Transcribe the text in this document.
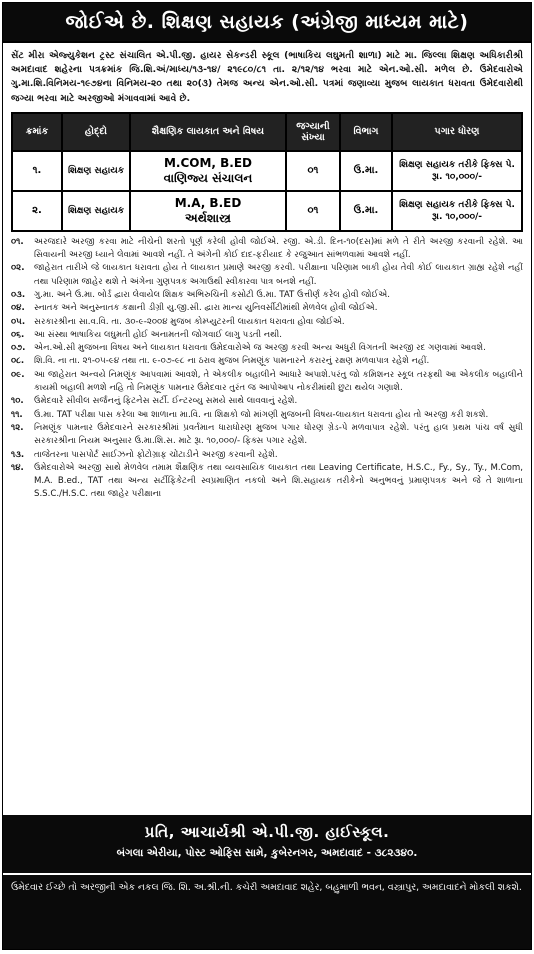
જોઈએ છે. શિક્ષણ સહાયક (અંગ્રેજી માધ્યમ માટે)
સેંટ મીરા એજ્યુકેશન ટ્રસ્ટ સંચાલિત એ.પી.જી. હાયર સેકન્ડરી સ્કૂલ (ભાષાકિય લઘુમતી શાળા) માટે મા. જિલ્લા શિક્ષણ અધિકારીશ્રી અમદાવાદ શહેરના પત્રક્રમાંક જિ.શિ.અં/માધ્ય/૧૩-૧૪/ ૨૧૯૮૦/૮૧ તા. ૨/૧૨/૧૪ ભરવા માટે એન.ઓ.સી. મળેલ છે. ઉમેદવારોએ ગુ.મા.શિ.વિનિમય-૧૯૭૪ના વિનિમય-૨૦ તથા ૨૦(૩) તેમજ અન્ય એન.ઓ.સી. પત્રમાં જણાવ્યા મુજબ લાયકાત ધરાવતા ઉમેદવારોથી જગ્યા ભરવા માટે અરજીઓ મંગાવવામાં આવે છે.
ક્રમાંક	હોદ્દો	શૈક્ષણિક લાયકાત અને વિષય	જગ્યાની સંખ્યા	વિભાગ	પગાર ધોરણ
૧.	શિક્ષણ સહાયક	M.COM, B.ED
વાણિજ્ય સંચાલન	૦૧	ઉ.મા.	શિક્ષણ સહાયક તરીકે ફિક્સ પે. રૂા. ૧૦,૦૦૦/-
૨.	શિક્ષણ સહાયક	M.A, B.ED
અર્થશાસ્ત્ર	૦૧	ઉ.મા.	શિક્ષણ સહાયક તરીકે ફિક્સ પે. રૂા. ૧૦,૦૦૦/-
૦૧.	અરજદારે અરજી કરવા માટે નીચેની શરતો પૂર્ણ કરેલી હોવી જોઈએ. રજી. એ.ડી. દિન-૧૦(દસ)માં મળે તે રીતે અરજી કરવાની રહેશે. આ સિવાયની અરજી ધ્યાને લેવામાં આવશે નહીં. તે અંગેની કોઈ દાદ-ફરીયાદ કે રજુઆત સાંભળવામાં આવશે નહીં.
૦૨.	જાહેરાત તારીખે જે લાયકાત ધરાવતા હોય તે લાયકાત પ્રમાણે અરજી કરવી. પરીક્ષાના પરિણામ બાકી હોય તેવી કોઈ લાયકાત ગ્રાહ્ય રહેશે નહીં તથા પરિણામ જાહેર થશે તે અંગેના ગુણપત્રક અગાઉથી સ્વીકારવા પાત્ર બનશે નહીં.
૦૩.	ગુ.મા. અને ઉ.મા. બોર્ડ દ્વારા લેવાયેલ શિક્ષક અભિરુચિની કસોટી ઉ.મા. TAT ઉત્તીર્ણ કરેલ હોવી જોઈએ.
૦૪.	સ્નાતક અને અનુસ્નાતક કક્ષાની ડીગ્રી યુ.જી.સી. દ્વારા માન્ય યુનિવર્સીટીમાંથી મેળવેલ હોવી જોઈએ.
૦૫.	સરકારશ્રીના સા.વ.વિ. તા. ૩૦-૯-૨૦૦૪ મુજબ કોમ્પ્યુટરની લાયકાત ધરાવતા હોવા જોઈએ.
૦૬.	આ સંસ્થા ભાષાકિય લઘુમતી હોઈ અનામતની જોગવાઈ લાગુ પડતી નથી.
૦૭. એન.ઓ.સી મુજબના વિષય અને લાયકાત ધરાવતા ઉમેદવારોએ જ અરજી કરવી અન્ય અધુરી વિગતની અરજી રદ ગણવામાં આવશે.
૦૮.	શિ.વિ. ના તા. ૨૧-૦૫-૯૪ તથા તા. ૯-૦૭-૯૮ ના ઠરાવ મુજબ નિમણૂંક પામનારને કરારનું રક્ષણ મળવાપાત્ર રહેશે નહીં.
૦૯.	આ જાહેરાત અન્વયે નિમણૂંક આપવામાં આવશે, તે એકલીક બહાલીને આધારે અપાશે.પરંતુ જો કમિશનર સ્કૂલ તરફથી આ એકલીક બહાલીને કાયમી બહાલી મળશે નહિ તો નિમણૂંક પામનાર ઉમેદવાર તુરંત જ આપોઆપ નોકરીમાંથી છુટા થયેલ ગણાશે.
૧૦.	ઉમેદવારે સીવીલ સર્જનનું ફિટનેસ સર્ટી. ઈન્ટરવ્યુ સમયે સાથે લાવવાનું રહેશે.
૧૧.	ઉ.મા. TAT પરીક્ષા પાસ કરેલા આ શાળાના મા.વિ. ના શિક્ષકો જો માંગણી મુજબની વિષય-લાયકાત ધરાવતા હોય તો અરજી કરી શકશે.
૧૨.	નિમણૂંક પામનાર ઉમેદવારને સરકારશ્રીમાં પ્રવર્તમાન ધારાધોરણ મુજબ પગાર ધોરણ ગ્રેડ-પે મળવાપાત્ર રહેશે. પરંતુ હાલ પ્રથમ પાંચ વર્ષ સુધી સરકારશ્રીના નિયમ અનુસાર ઉ.મા.શિ.સ. માટે રૂા. ૧૦,૦૦૦/- ફિક્સ પગાર રહેશે.
૧૩.	તાજેતરના પાસપોર્ટ સાઈઝનો ફોટોગ્રાફ ચોંટાડીને અરજી કરવાની રહેશે.
૧૪.	ઉમેદવારોએ અરજી સાથે મેળવેલ તમામ શૈક્ષણિક તથા વ્યવસાયિક લાયકાત તથા Leaving Certificate, H.S.C., Fy., Sy., Ty., M.Com, M.A. B.ed., TAT તથા અન્ય સર્ટીફિકેટની સ્વપ્રમાણિત નકલો અને શિ.સહાયક તરીકેનો અનુભવનું પ્રમાણપત્રક અને જે તે શાળાના S.S.C./H.S.C. તથા જાહેર પરીક્ષાના
પ્રતિ, આચાર્યશ્રી એ.પી.જી. હાઈસ્કૂલ.
બંગલા એરીયા, પોસ્ટ ઓફિસ સામે, કુબેરનગર, અમદાવાદ - ૩૮૨૩૪૦.
ઉમેદવાર ઈચ્છે તો અરજીની એક નકલ જિ. શિ. અ.શ્રી.ની. કચેરી અમદાવાદ શહેર, બહુમાળી ભવન, વસ્ત્રાપુર, અમદાવાદને મોકલી શકશે.
